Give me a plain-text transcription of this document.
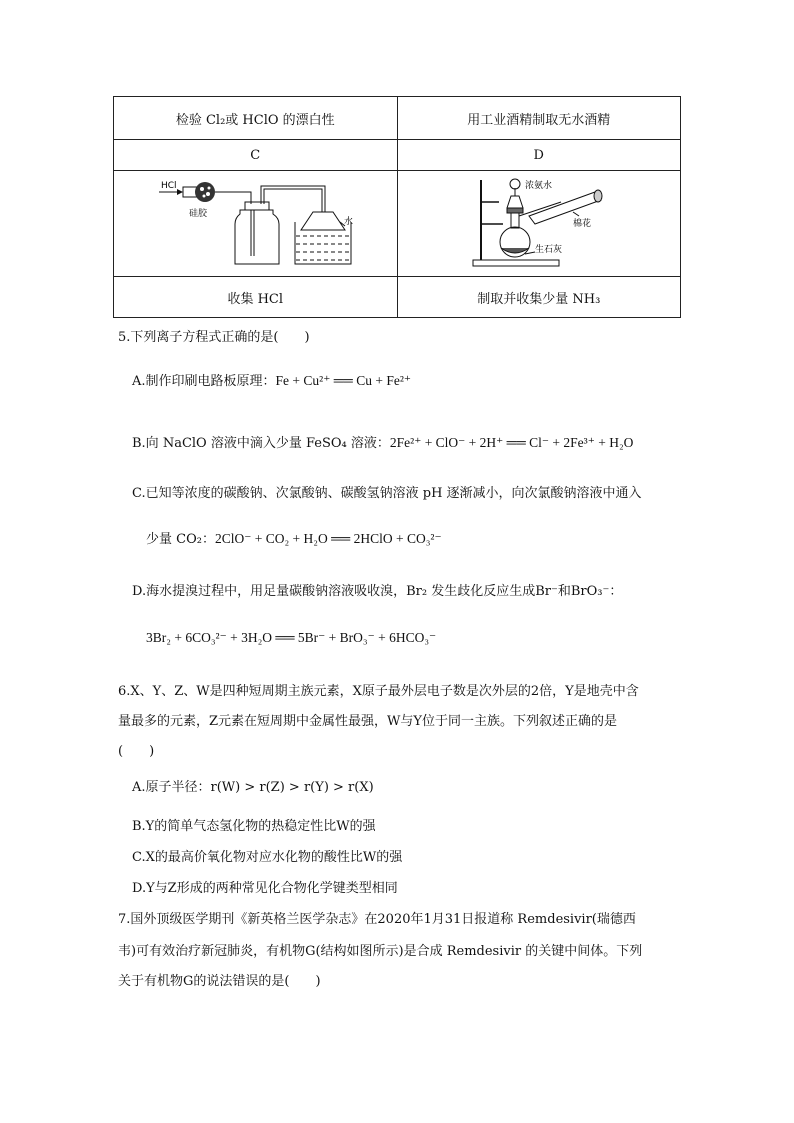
检验 Cl₂或 HClO 的漂白性	用工业酒精制取无水酒精
C	D

HCl
硅胶
水	浓氨水
棉花
生石灰

收集 HCl	制取并收集少量 NH₃
5.下列离子方程式正确的是(　　)
A.制作印刷电路板原理：Fe + Cu²⁺ ══ Cu + Fe²⁺
B.向 NaClO 溶液中滴入少量 FeSO₄ 溶液：2Fe²⁺ + ClO⁻ + 2H⁺ ══ Cl⁻ + 2Fe³⁺ + H₂O
C.已知等浓度的碳酸钠、次氯酸钠、碳酸氢钠溶液 pH 逐渐减小，向次氯酸钠溶液中通入
少量 CO₂：2ClO⁻ + CO₂ + H₂O ══ 2HClO + CO₃²⁻
D.海水提溴过程中，用足量碳酸钠溶液吸收溴，Br₂ 发生歧化反应生成Br⁻和BrO₃⁻：
3Br₂ + 6CO₃²⁻ + 3H₂O ══ 5Br⁻ + BrO₃⁻ + 6HCO₃⁻
6.X、Y、Z、W是四种短周期主族元素，X原子最外层电子数是次外层的2倍，Y是地壳中含
量最多的元素，Z元素在短周期中金属性最强，W与Y位于同一主族。下列叙述正确的是
(　　)
A.原子半径：r(W) > r(Z) > r(Y) > r(X)
B.Y的简单气态氢化物的热稳定性比W的强
C.X的最高价氧化物对应水化物的酸性比W的强
D.Y与Z形成的两种常见化合物化学键类型相同
7.国外顶级医学期刊《新英格兰医学杂志》在2020年1月31日报道称 Remdesivir(瑞德西
韦)可有效治疗新冠肺炎，有机物G(结构如图所示)是合成 Remdesivir 的关键中间体。下列
关于有机物G的说法错误的是(　　)
